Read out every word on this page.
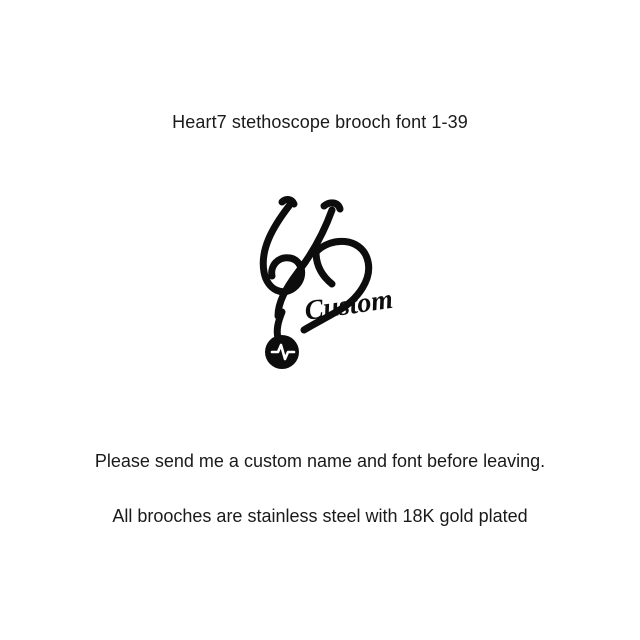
Heart7 stethoscope brooch font 1-39
Custom
Please send me a custom name and font before leaving.
All brooches are stainless steel with 18K gold plated
